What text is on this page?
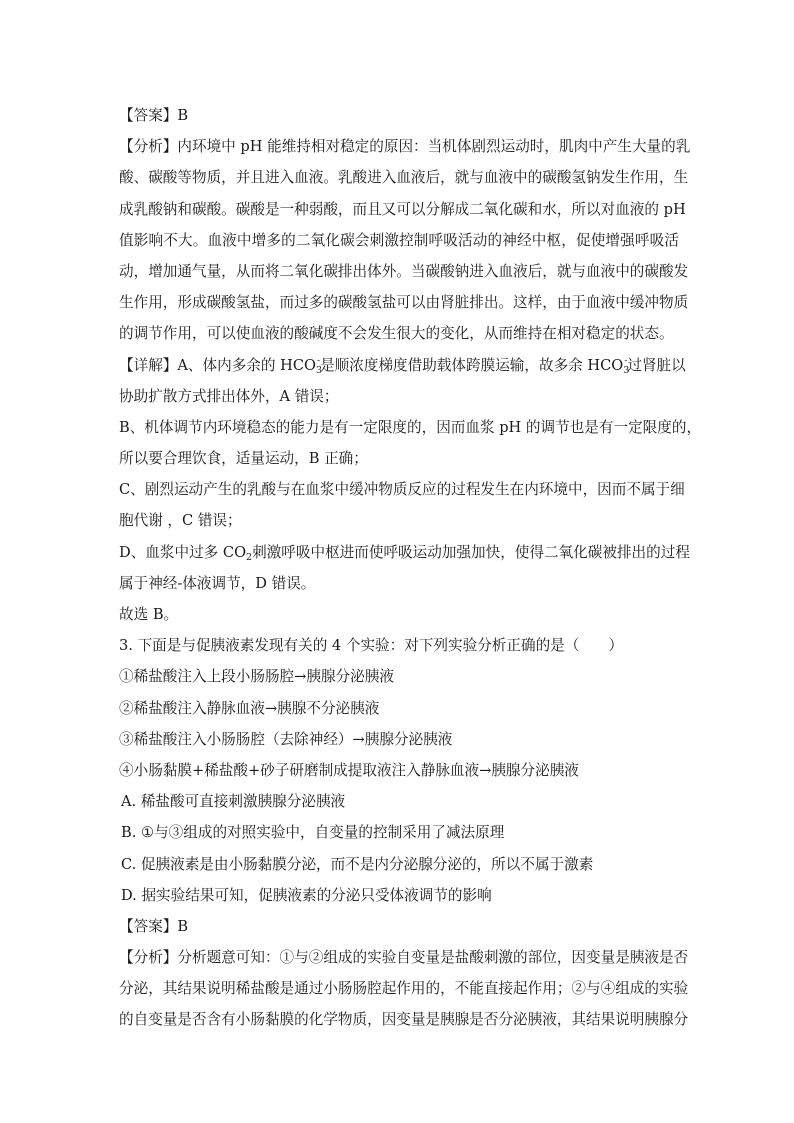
【答案】B
【分析】内环境中 pH 能维持相对稳定的原因：当机体剧烈运动时，肌肉中产生大量的乳
酸、碳酸等物质，并且进入血液。乳酸进入血液后，就与血液中的碳酸氢钠发生作用，生
成乳酸钠和碳酸。碳酸是一种弱酸，而且又可以分解成二氧化碳和水，所以对血液的 pH
值影响不大。血液中增多的二氧化碳会刺激控制呼吸活动的神经中枢，促使增强呼吸活
动，增加通气量，从而将二氧化碳排出体外。当碳酸钠进入血液后，就与血液中的碳酸发
生作用，形成碳酸氢盐，而过多的碳酸氢盐可以由肾脏排出。这样，由于血液中缓冲物质
的调节作用，可以使血液的酸碱度不会发生很大的变化，从而维持在相对稳定的状态。
【详解】A、体内多余的 $HCO_3^-$是顺浓度梯度借助载体跨膜运输，故多余 $HCO_3^-$过肾脏以
协助扩散方式排出体外，A 错误；
B、机体调节内环境稳态的能力是有一定限度的，因而血浆 pH 的调节也是有一定限度的，
所以要合理饮食，适量运动，B 正确；
C、剧烈运动产生的乳酸与在血浆中缓冲物质反应的过程发生在内环境中，因而不属于细
胞代谢 ，C 错误；
D、血浆中过多 $CO_2$刺激呼吸中枢进而使呼吸运动加强加快，使得二氧化碳被排出的过程
属于神经-体液调节，D 错误。
故选 B。
3. 下面是与促胰液素发现有关的 4 个实验：对下列实验分析正确的是（　　）
①稀盐酸注入上段小肠肠腔→胰腺分泌胰液
②稀盐酸注入静脉血液→胰腺不分泌胰液
③稀盐酸注入小肠肠腔（去除神经）→胰腺分泌胰液
④小肠黏膜+稀盐酸+砂子研磨制成提取液注入静脉血液→胰腺分泌胰液
A. 稀盐酸可直接刺激胰腺分泌胰液
B. ①与③组成的对照实验中，自变量的控制采用了减法原理
C. 促胰液素是由小肠黏膜分泌，而不是内分泌腺分泌的，所以不属于激素
D. 据实验结果可知，促胰液素的分泌只受体液调节的影响
【答案】B
【分析】分析题意可知：①与②组成的实验自变量是盐酸刺激的部位，因变量是胰液是否
分泌，其结果说明稀盐酸是通过小肠肠腔起作用的，不能直接起作用；②与④组成的实验
的自变量是否含有小肠黏膜的化学物质，因变量是胰腺是否分泌胰液，其结果说明胰腺分
